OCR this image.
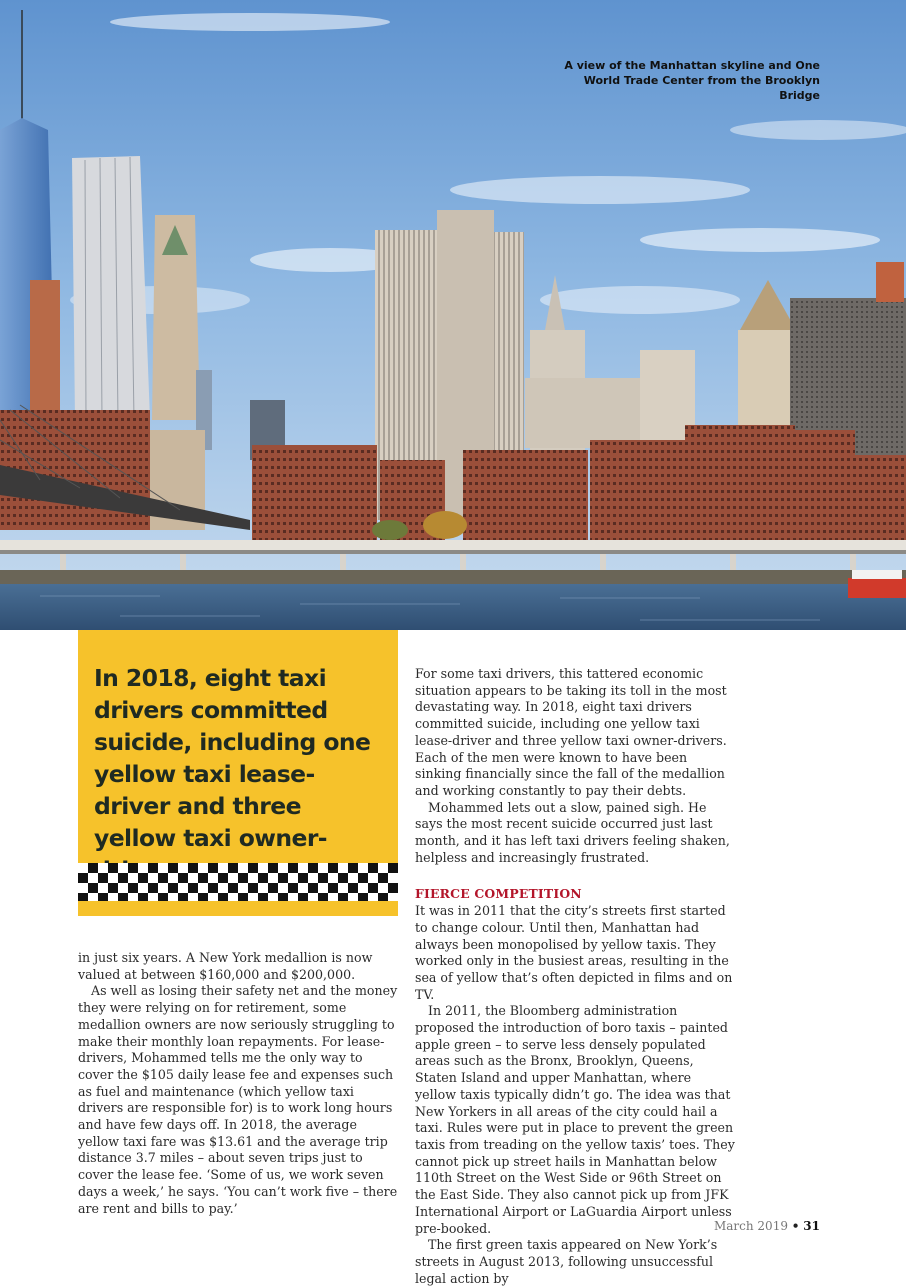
A view of the Manhattan skyline and One World Trade Center from the Brooklyn Bridge

In 2018, eight taxi drivers committed suicide, including one yellow taxi lease-driver and three yellow taxi owner-

in just six years. A New York medallion is now valued at between $160,000 and $200,000.

As well as losing their safety net and the money they were relying on for retirement, some medallion owners are now seriously struggling to make their monthly loan repayments. For lease-drivers, Mohammed tells me the only way to cover the $105 daily lease fee and expenses such as fuel and maintenance (which yellow taxi drivers are responsible for) is to work long hours and have few days off. In 2018, the average yellow taxi fare was $13.61 and the average trip distance 3.7 miles – about seven trips just to cover the lease fee. ‘Some of us, we work seven days a week,’ he says. ‘You can’t work five – there are rent and bills to pay.’

For some taxi drivers, this tattered economic situation appears to be taking its toll in the most devastating way. In 2018, eight taxi drivers committed suicide, including one yellow taxi lease-driver and three yellow taxi owner-drivers. Each of the men were known to have been sinking financially since the fall of the medallion and working constantly to pay their debts.

Mohammed lets out a slow, pained sigh. He says the most recent suicide occurred just last month, and it has left taxi drivers feeling shaken, helpless and increasingly frustrated.

FIERCE COMPETITION

It was in 2011 that the city’s streets first started to change colour. Until then, Manhattan had always been monopolised by yellow taxis. They worked only in the busiest areas, resulting in the sea of yellow that’s often depicted in films and on TV.

In 2011, the Bloomberg administration proposed the introduction of boro taxis – painted apple green – to serve less densely populated areas such as the Bronx, Brooklyn, Queens, Staten Island and upper Manhattan, where yellow taxis typically didn’t go. The idea was that New Yorkers in all areas of the city could hail a taxi. Rules were put in place to prevent the green taxis from treading on the yellow taxis’ toes. They cannot pick up street hails in Manhattan below 110th Street on the West Side or 96th Street on the East Side. They also cannot pick up from JFK International Airport or LaGuardia Airport unless pre-booked.

The first green taxis appeared on New York’s streets in August 2013, following unsuccessful legal action by

March 2019 • 31
